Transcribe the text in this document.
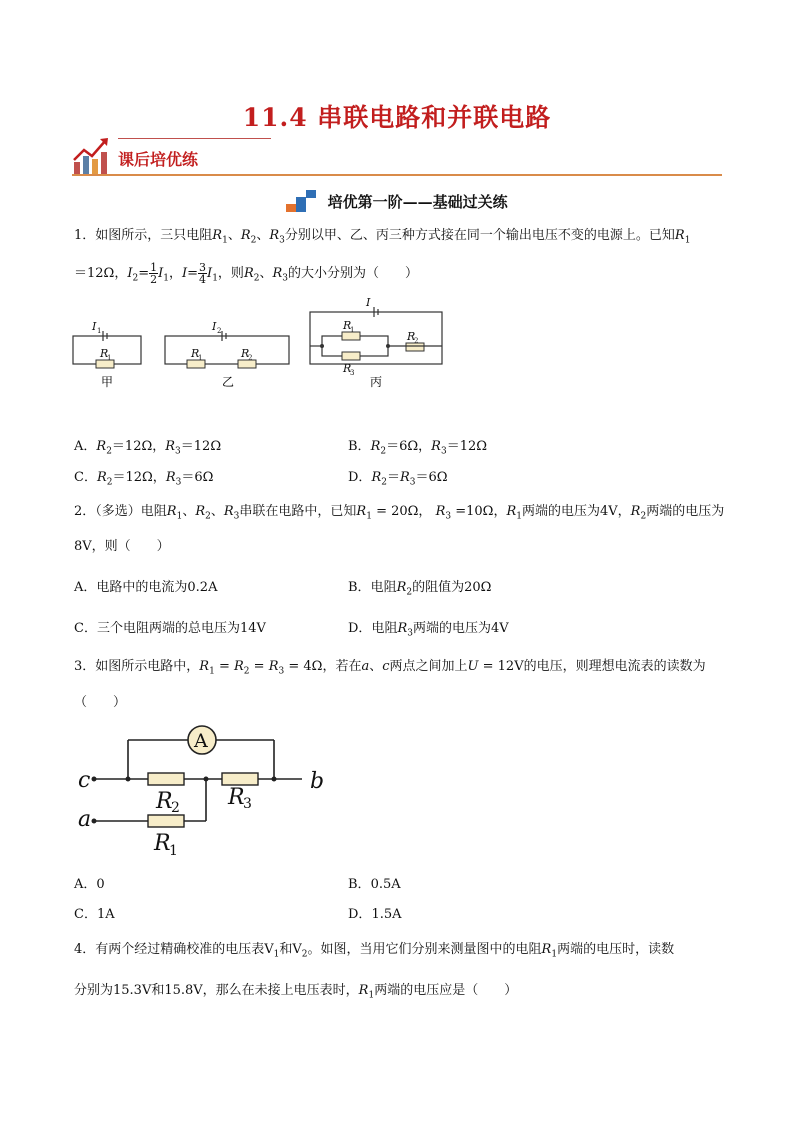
11.4 串联电路和并联电路
课后培优练
培优第一阶——基础过关练
1．如图所示，三只电阻$R_1$、$R_2$、$R_3$分别以甲、乙、丙三种方式接在同一个输出电压不变的电源上。已知$R_1$
＝12Ω，$I_2= \frac{1}{2} I_1$，$I= \frac{3}{4} I_1$，则$R_2$、$R_3$的大小分别为（　　）
I 1
R
1
I 2
R
1	R
2
I
R
1
R
3
R
2
甲	乙	丙
A．$R_2=12\Omega$，$R_3=12\Omega$	B．$R_2=6\Omega$，$R_3=12\Omega$
C．$R_2=12\Omega$，$R_3=6\Omega$	D．$R_2=R_3=6\Omega$
2．（多选）电阻$R_1$、$R_2$、$R_3$串联在电路中，已知$R_1 = 20\Omega$， $R_3 =10\Omega$，$R_1$两端的电压为4V，$R_2$两端的电压为
8V，则（　　）
A．电路中的电流为0.2A	B．电阻$R_2$的阻值为20Ω
C．三个电阻两端的总电压为14V	D．电阻$R_3$两端的电压为4V
3．如图所示电路中，$R_1 = R_2 = R_3 = 4\Omega$，若在a、c两点之间加上U = 12V的电压，则理想电流表的读数为
（　　）
A
c
a
b
R
2 R
3
R
1
A．0	B．0.5A
C．1A	D．1.5A
4．有两个经过精确校准的电压表$V_1$和$V_2$。如图，当用它们分别来测量图中的电阻$R_1$两端的电压时，读数
分别为15.3V和15.8V，那么在未接上电压表时，$R_1$两端的电压应是（　　）
